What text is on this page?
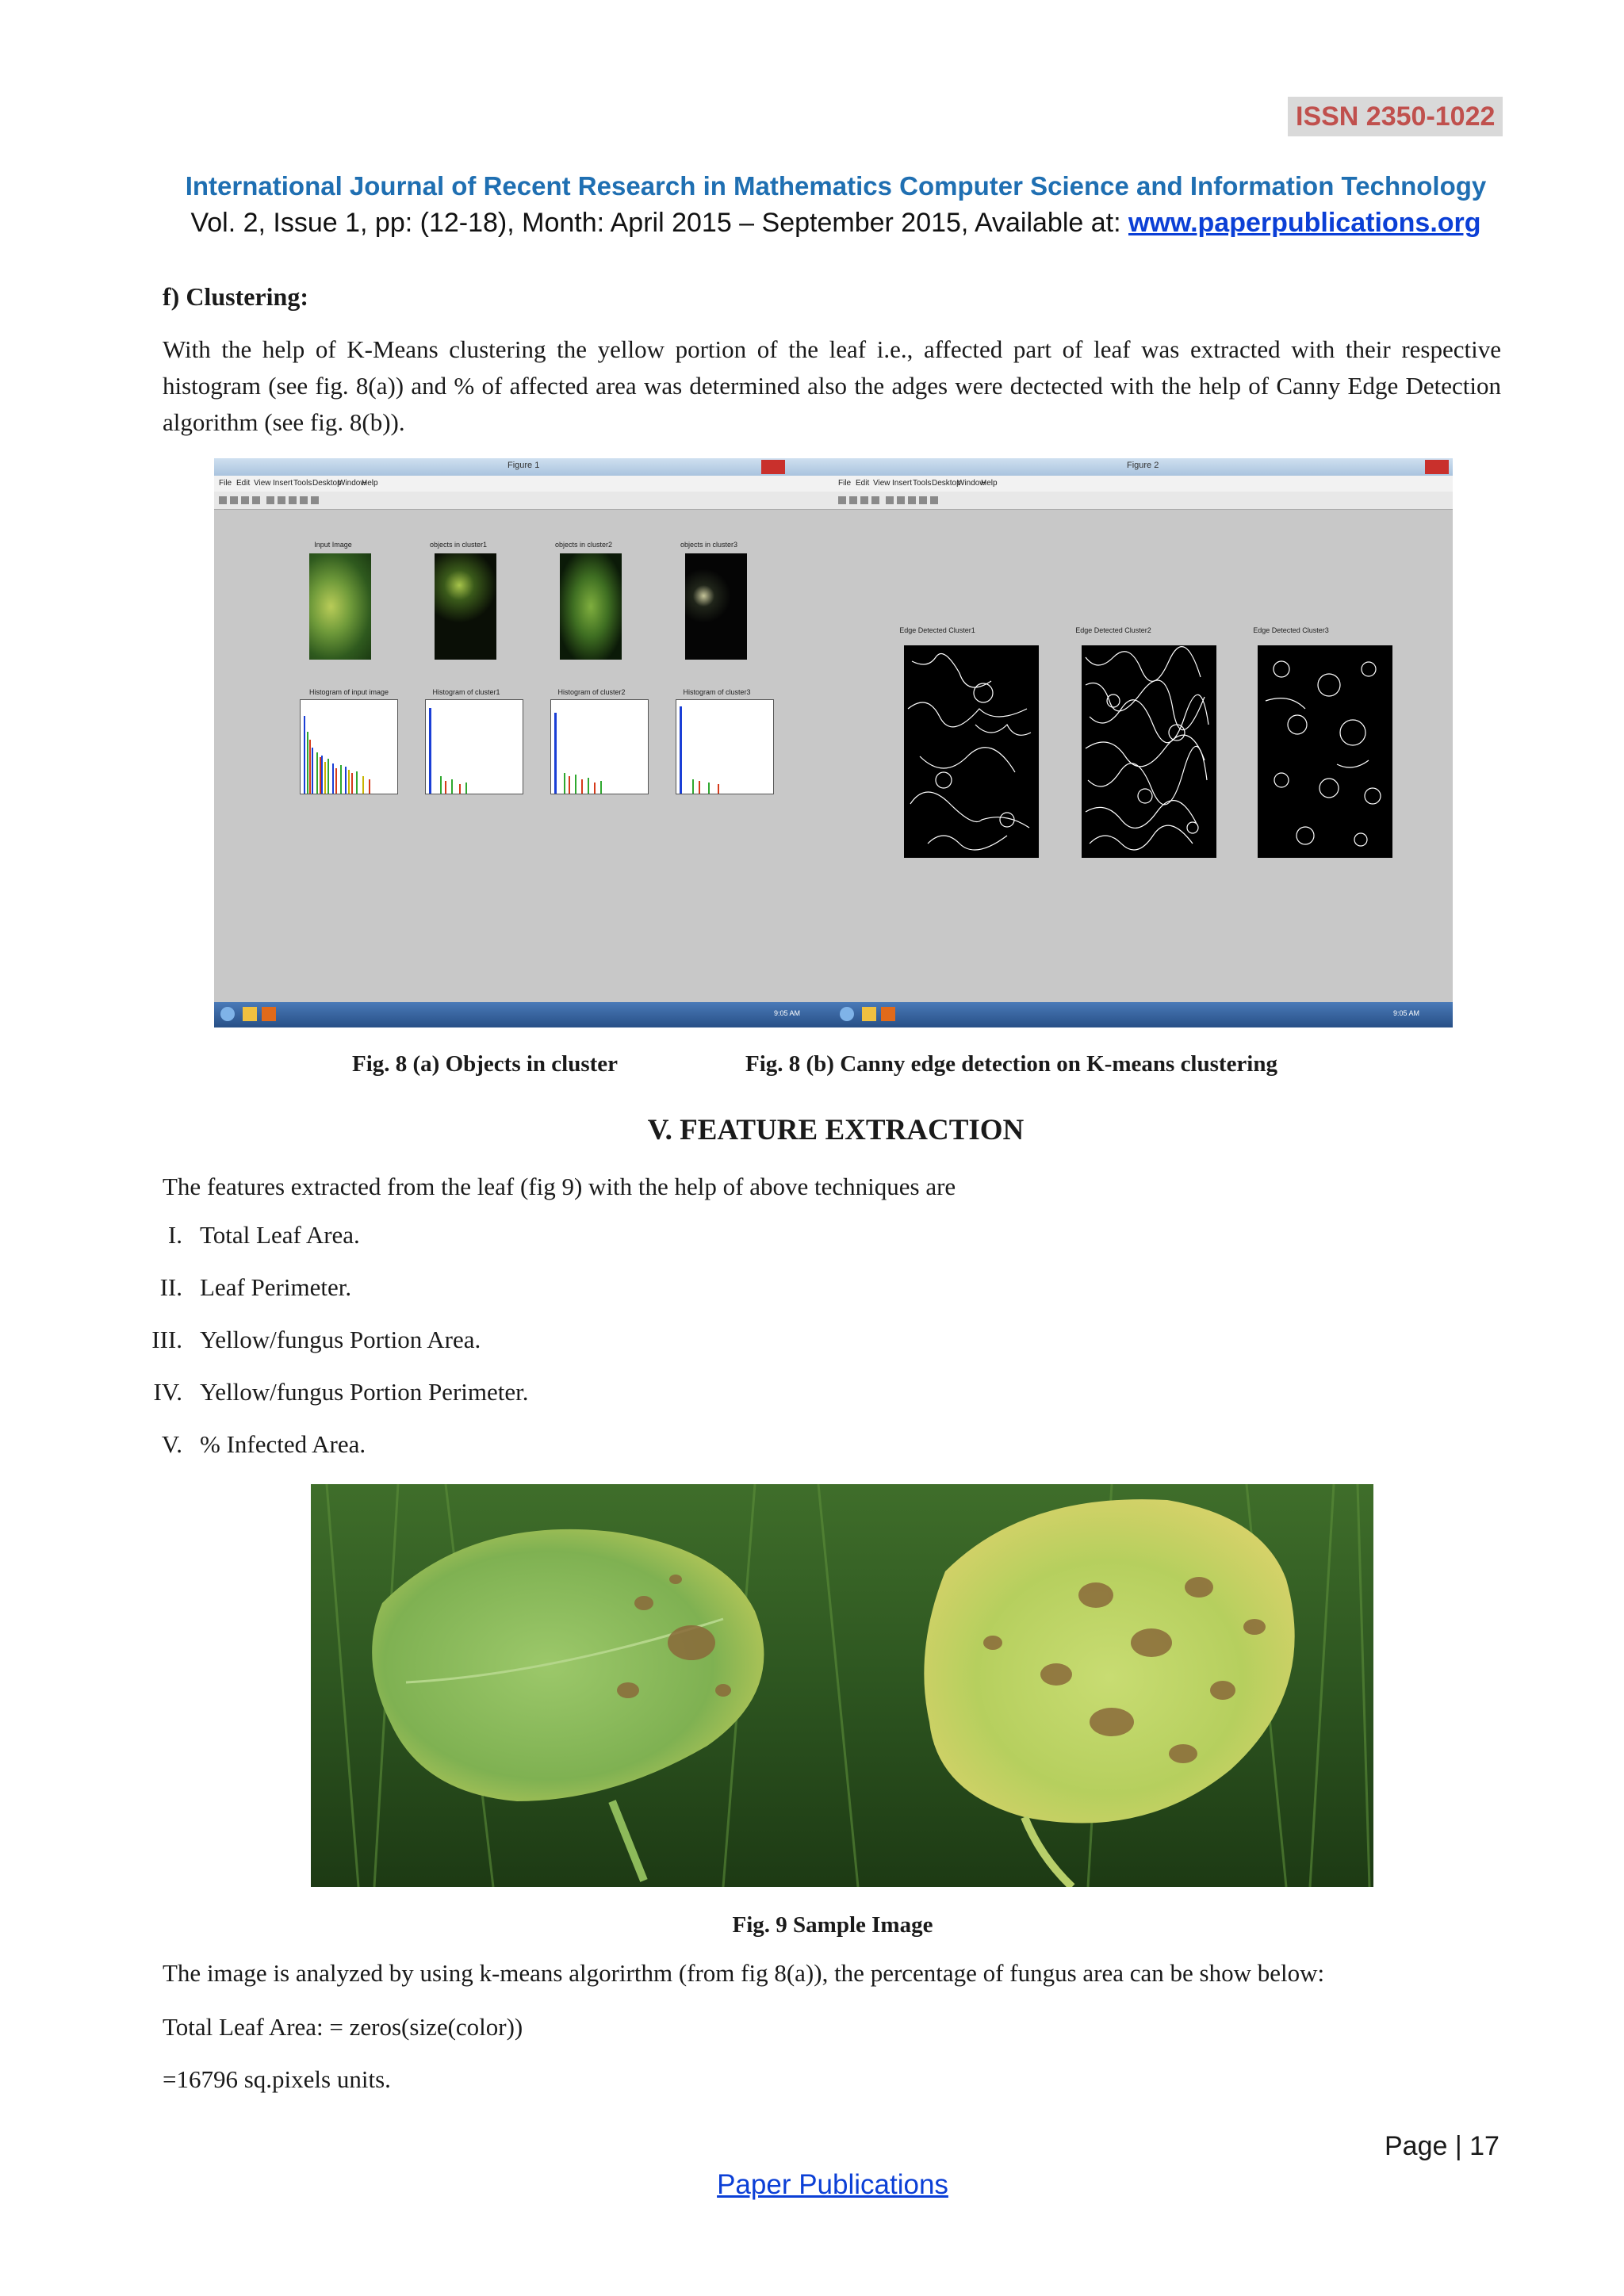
ISSN 2350-1022
International Journal of Recent Research in Mathematics Computer Science and Information Technology
Vol. 2, Issue 1, pp: (12-18), Month: April 2015 – September 2015, Available at: www.paperpublications.org
f) Clustering:
With the help of K-Means clustering the yellow portion of the leaf i.e., affected part of leaf was extracted with their respective histogram (see fig. 8(a)) and % of affected area was determined also the adges were dectected with the help of Canny Edge Detection algorithm (see fig. 8(b)).
Figure 1	Figure 2
File Edit View Insert Tools Desktop
Window
Help	File Edit View Insert Tools Desktop
Window
Help
Input Image	objects in cluster1	objects in cluster2	objects in cluster3
Histogram of input image	Histogram of cluster1	Histogram of cluster2	Histogram of cluster3
Edge Detected Cluster1	Edge Detected Cluster2	Edge Detected Cluster3
9:05 AM	9:05 AM
Fig. 8 (a) Objects in cluster	Fig. 8 (b) Canny edge detection on K-means clustering
V. FEATURE EXTRACTION
The features extracted from the leaf (fig 9) with the help of above techniques are
I. Total Leaf Area.
II. Leaf Perimeter.
III. Yellow/fungus Portion Area.
IV. Yellow/fungus Portion Perimeter.
V. % Infected Area.
Fig. 9 Sample Image
The image is analyzed by using k-means algorirthm (from fig 8(a)), the percentage of fungus area can be show below:
Total Leaf Area: = zeros(size(color))
=16796 sq.pixels units.
Page | 17
Paper Publications
